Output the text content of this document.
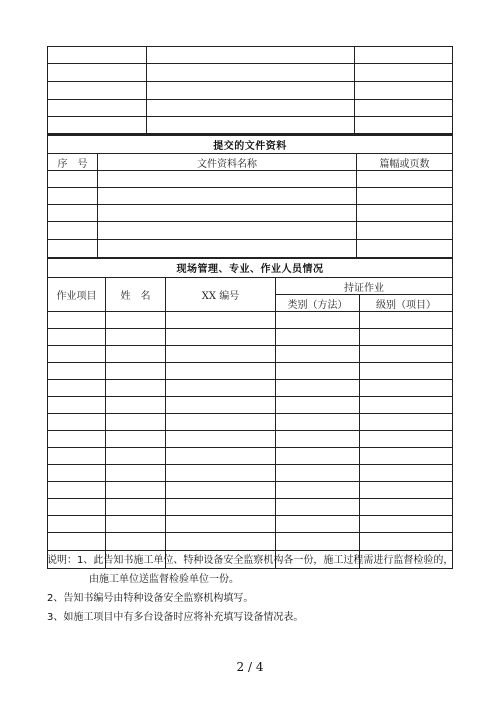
提交的文件资料		
序　号	文件资料名称	篇幅或页数

现场管理、专业、作业人员情况				
作业项目	姓　名	XX 编号	持证作业	
			类别（方法）	级别（项目）

说明：1、此告知书施工单位、特种设备安全监察机构各一份，施工过程需进行监督检验的，
由施工单位送监督检验单位一份。
2、告知书编号由特种设备安全监察机构填写。
3、如施工项目中有多台设备时应将补充填写设备情况表。
2 / 4
